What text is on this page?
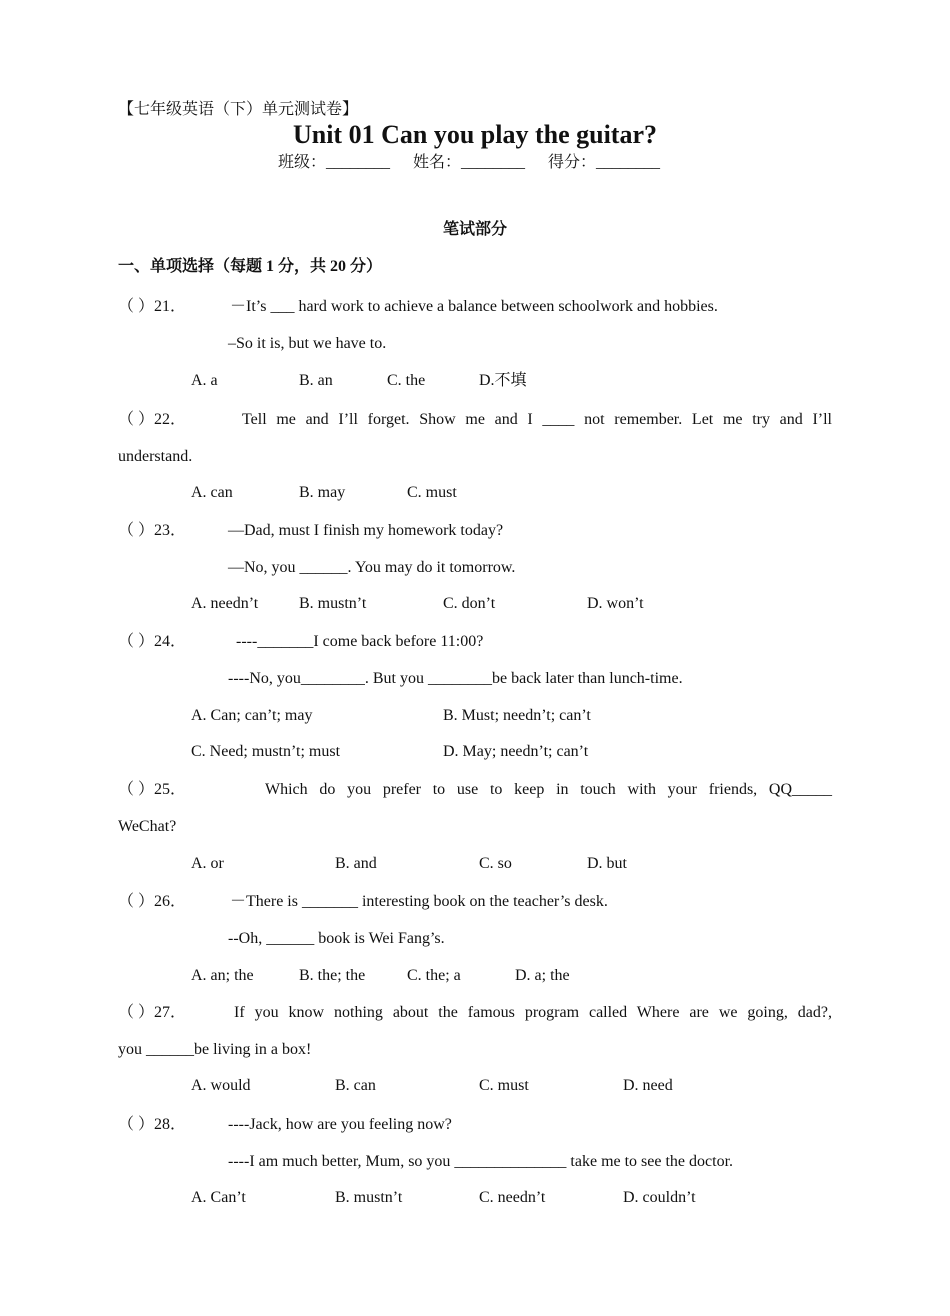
【七年级英语（下）单元测试卷】
Unit 01 Can you play the guitar?
班级：________ 姓名：________ 得分：________
笔试部分
一、单项选择（每题 1 分，共 20 分）
（ ）21．	－It’s ___ hard work to achieve a balance between schoolwork and hobbies.
–So it is, but we have to.
A. a	B. an	C. the	D.不填
（ ）22．	Tell me and I’ll forget. Show me and I ____ not remember. Let me try and I’ll
understand.
A. can	B. may	C. must
（ ）23．	—Dad, must I finish my homework today?
—No, you ______. You may do it tomorrow.
A. needn’t	B. mustn’t	C. don’t	D. won’t
（ ）24．	----_______I come back before 11:00?
----No, you________. But you ________be back later than lunch-time.
A. Can; can’t; may	B. Must; needn’t; can’t
C. Need; mustn’t; must	D. May; needn’t; can’t
（ ）25．	Which do you prefer to use to keep in touch with your friends, QQ_____
WeChat?
A. or	B. and	C. so	D. but
（ ）26．	－There is _______ interesting book on the teacher’s desk.
--Oh, ______ book is Wei Fang’s.
A. an; the	B. the; the	C. the; a	D. a; the
（ ）27．	If you know nothing about the famous program called Where are we going, dad?,
you ______be living in a box!
A. would	B. can	C. must	D. need
（ ）28．	----Jack, how are you feeling now?
----I am much better, Mum, so you ______________ take me to see the doctor.
A. Can’t	B. mustn’t	C. needn’t	D. couldn’t
